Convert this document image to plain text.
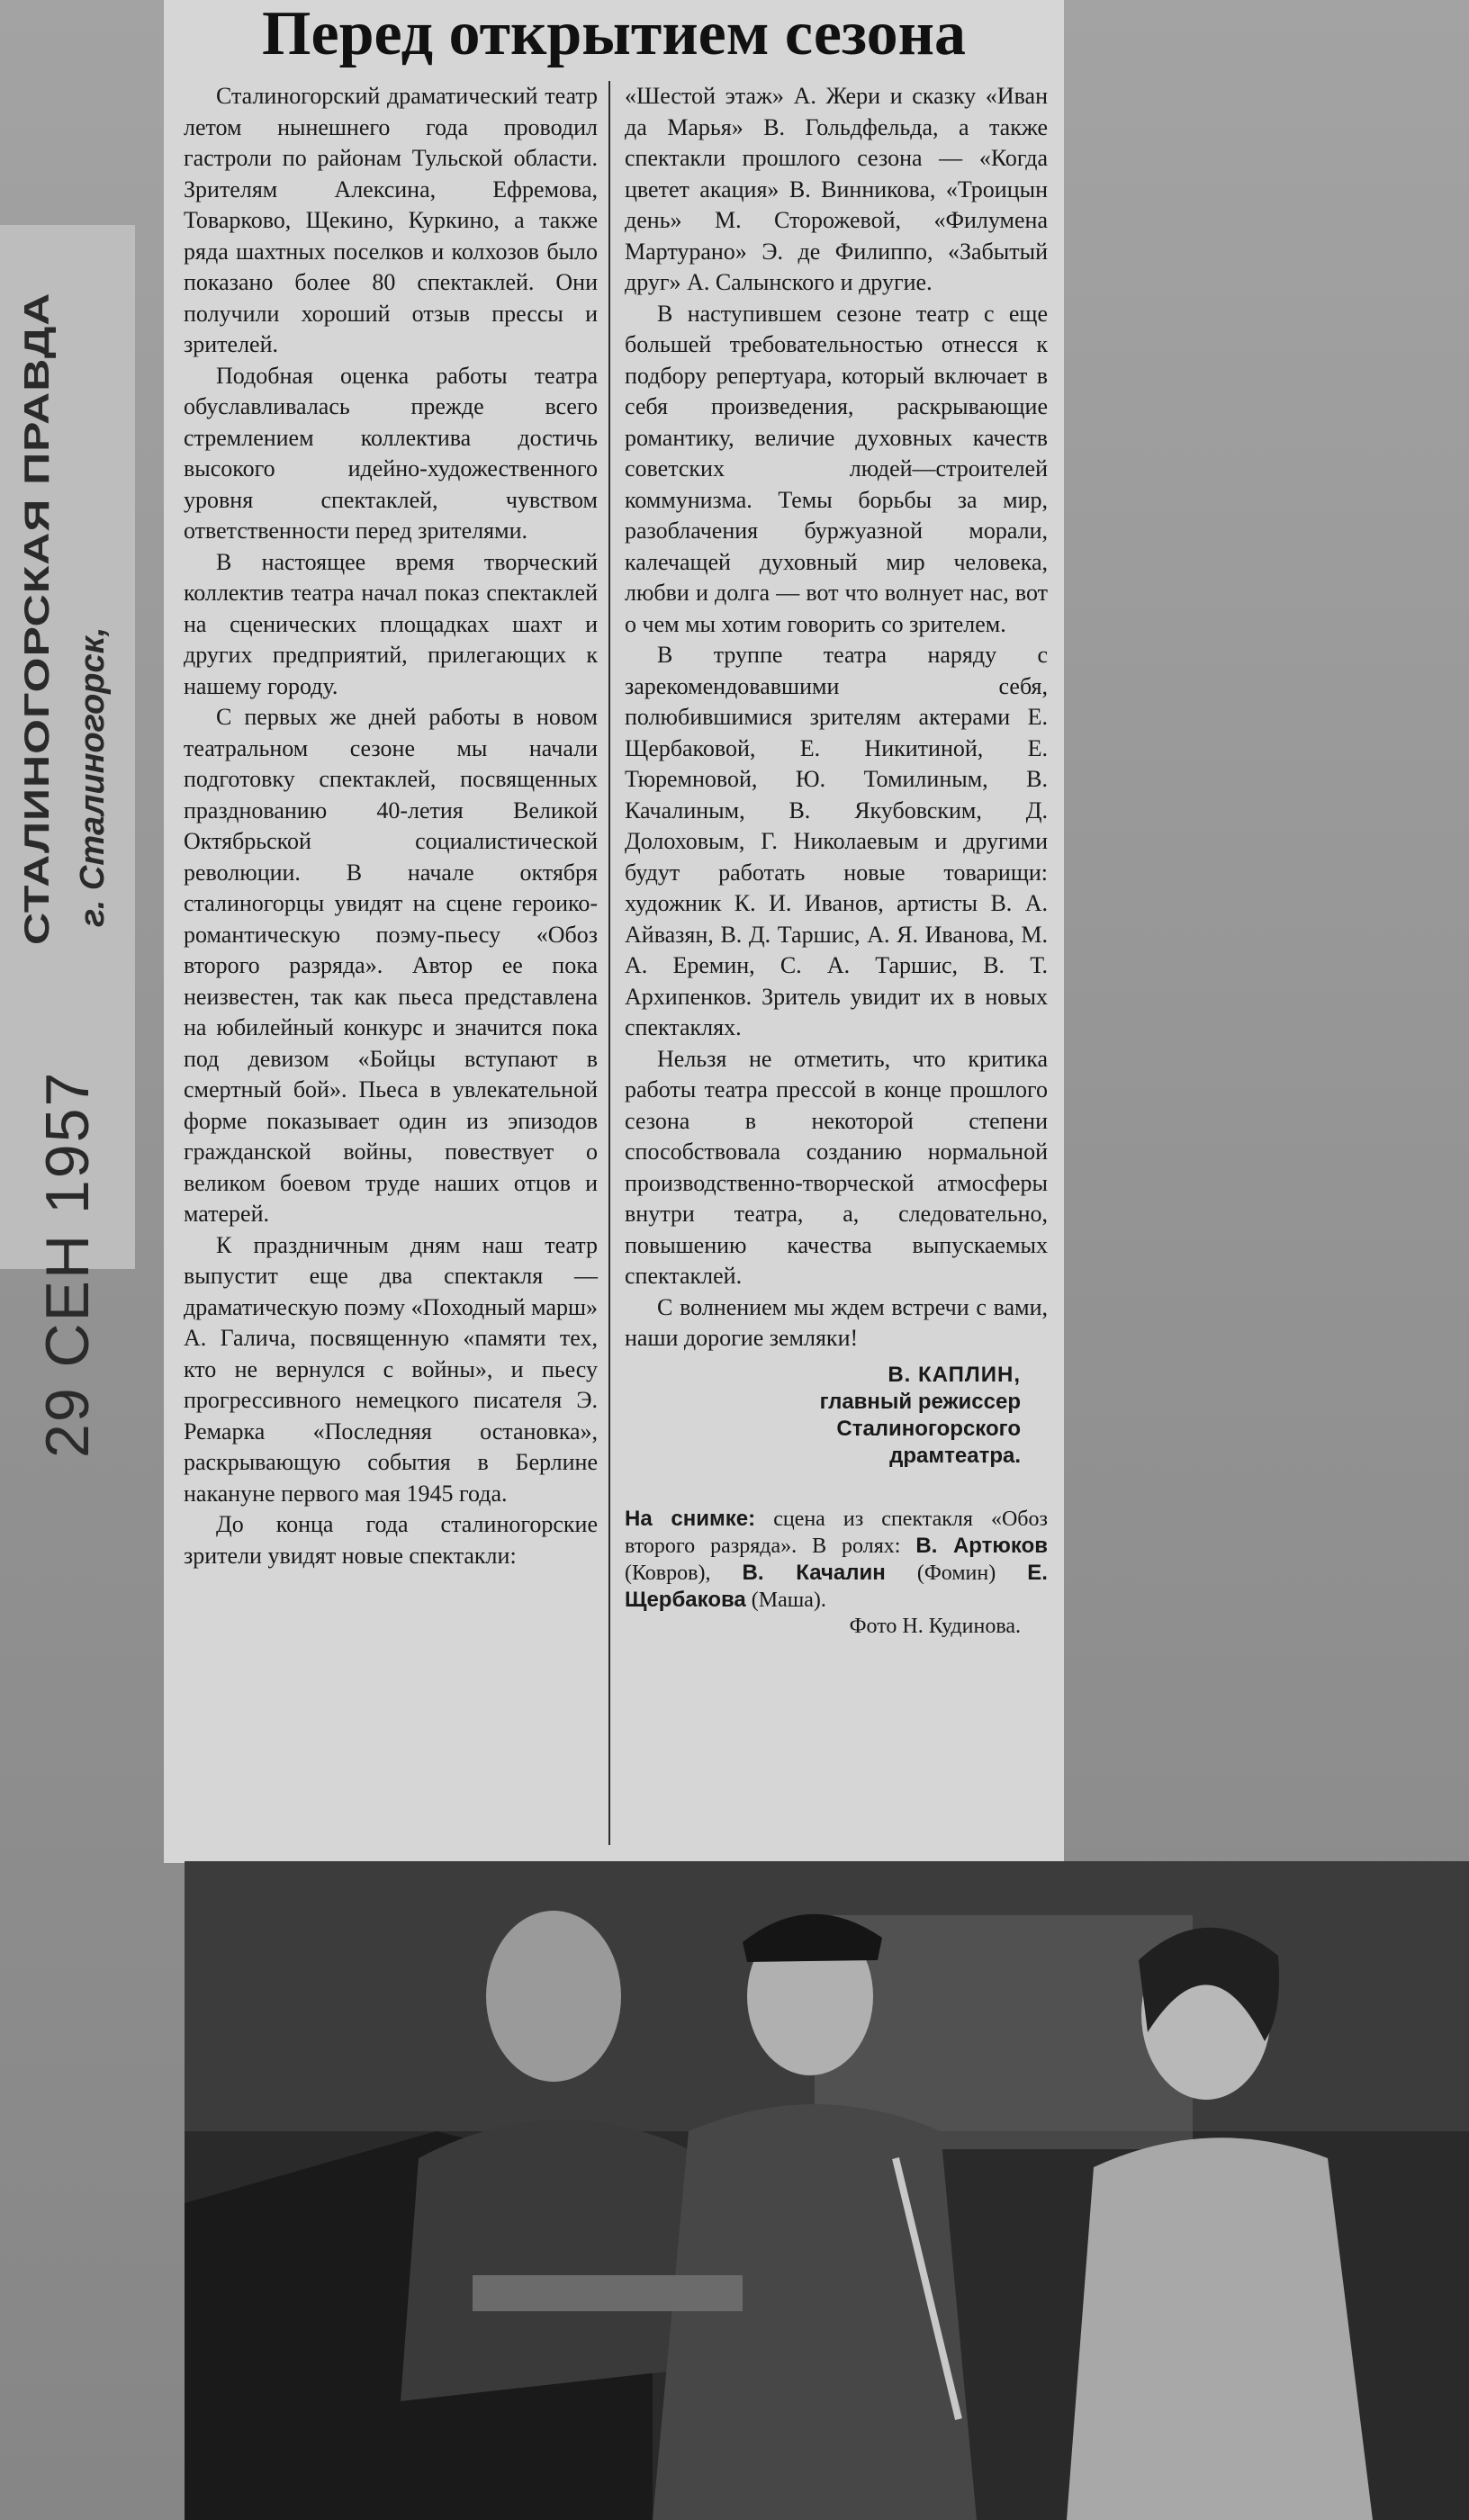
СТАЛИНОГОРСКАЯ ПРАВДА г. Сталиногорск,
29 СЕН 1957
Перед открытием сезона

Сталиногорский драматический театр летом нынешнего года проводил гастроли по районам Тульской области. Зрителям Алексина, Ефремова, Товарково, Щекино, Куркино, а также ряда шахтных поселков и колхозов было показано более 80 спектаклей. Они получили хороший отзыв прессы и зрителей.

Подобная оценка работы театра обуславливалась прежде всего стремлением коллектива достичь высокого идейно-художественного уровня спектаклей, чувством ответственности перед зрителями.

В настоящее время творческий коллектив театра начал показ спектаклей на сценических площадках шахт и других предприятий, прилегающих к нашему городу.

С первых же дней работы в новом театральном сезоне мы начали подготовку спектаклей, посвященных празднованию 40-летия Великой Октябрьской социалистической революции. В начале октября сталиногорцы увидят на сцене героико-романтическую поэму-пьесу «Обоз второго разряда». Автор ее пока неизвестен, так как пьеса представлена на юбилейный конкурс и значится пока под девизом «Бойцы вступают в смертный бой». Пьеса в увлекательной форме показывает один из эпизодов гражданской войны, повествует о великом боевом труде наших отцов и матерей.

К праздничным дням наш театр выпустит еще два спектакля — драматическую поэму «Походный марш» А. Галича, посвященную «памяти тех, кто не вернулся с войны», и пьесу прогрессивного немецкого писателя Э. Ремарка «Последняя остановка», раскрывающую события в Берлине накануне первого мая 1945 года.

До конца года сталиногорские зрители увидят новые спектакли:

«Шестой этаж» А. Жери и сказку «Иван да Марья» В. Гольдфельда, а также спектакли прошлого сезона — «Когда цветет акация» В. Винникова, «Троицын день» М. Сторожевой, «Филумена Мартурано» Э. де Филиппо, «Забытый друг» А. Салынского и другие.

В наступившем сезоне театр с еще большей требовательностью отнесся к подбору репертуара, который включает в себя произведения, раскрывающие романтику, величие духовных качеств советских людей—строителей коммунизма. Темы борьбы за мир, разоблачения буржуазной морали, калечащей духовный мир человека, любви и долга — вот что волнует нас, вот о чем мы хотим говорить со зрителем.

В труппе театра наряду с зарекомендовавшими себя, полюбившимися зрителям актерами Е. Щербаковой, Е. Никитиной, Е. Тюремновой, Ю. Томилиным, В. Качалиным, В. Якубовским, Д. Долоховым, Г. Николаевым и другими будут работать новые товарищи: художник К. И. Иванов, артисты В. А. Айвазян, В. Д. Таршис, А. Я. Иванова, М. А. Еремин, С. А. Таршис, В. Т. Архипенков. Зритель увидит их в новых спектаклях.

Нельзя не отметить, что критика работы театра прессой в конце прошлого сезона в некоторой степени способствовала созданию нормальной производственно-творческой атмосферы внутри театра, а, следовательно, повышению качества выпускаемых спектаклей.

С волнением мы ждем встречи с вами, наши дорогие земляки!

В. КАПЛИН,
главный режиссер
Сталиногорского
драмтеатра.
На снимке: сцена из спектакля «Обоз второго разряда». В ролях: В. Артюков (Ковров), В. Качалин (Фомин) Е. Щербакова (Маша).
Фото Н. Кудинова.
